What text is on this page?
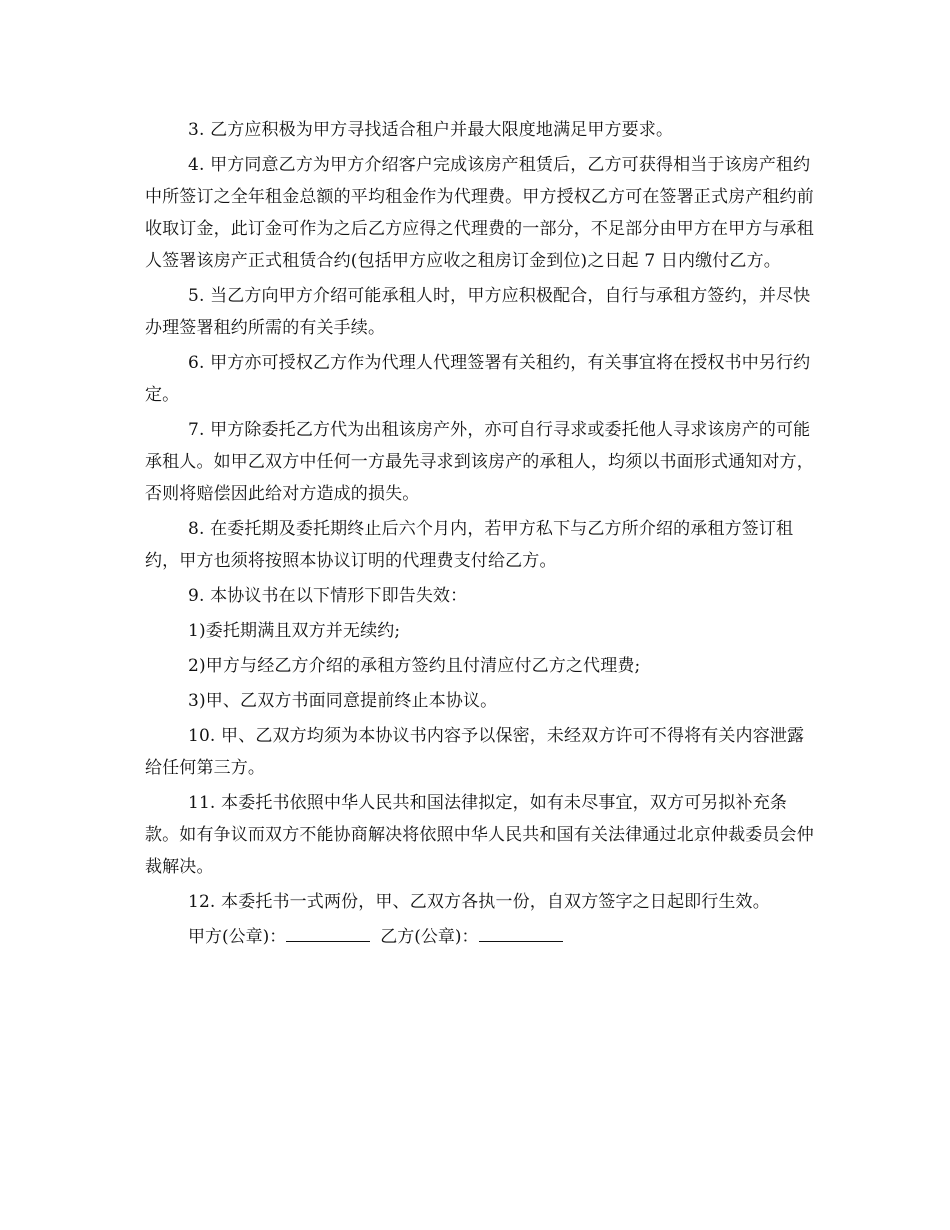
3. 乙方应积极为甲方寻找适合租户并最大限度地满足甲方要求。

4. 甲方同意乙方为甲方介绍客户完成该房产租赁后，乙方可获得相当于该房产租约中所签订之全年租金总额的平均租金作为代理费。甲方授权乙方可在签署正式房产租约前收取订金，此订金可作为之后乙方应得之代理费的一部分，不足部分由甲方在甲方与承租人签署该房产正式租赁合约(包括甲方应收之租房订金到位)之日起 7 日内缴付乙方。

5. 当乙方向甲方介绍可能承租人时，甲方应积极配合，自行与承租方签约，并尽快办理签署租约所需的有关手续。

6. 甲方亦可授权乙方作为代理人代理签署有关租约，有关事宜将在授权书中另行约定。

7. 甲方除委托乙方代为出租该房产外，亦可自行寻求或委托他人寻求该房产的可能承租人。如甲乙双方中任何一方最先寻求到该房产的承租人，均须以书面形式通知对方，否则将赔偿因此给对方造成的损失。

8. 在委托期及委托期终止后六个月内，若甲方私下与乙方所介绍的承租方签订租约，甲方也须将按照本协议订明的代理费支付给乙方。

9. 本协议书在以下情形下即告失效：

1)委托期满且双方并无续约;

2)甲方与经乙方介绍的承租方签约且付清应付乙方之代理费;

3)甲、乙双方书面同意提前终止本协议。

10. 甲、乙双方均须为本协议书内容予以保密，未经双方许可不得将有关内容泄露给任何第三方。

11. 本委托书依照中华人民共和国法律拟定，如有未尽事宜，双方可另拟补充条款。如有争议而双方不能协商解决将依照中华人民共和国有关法律通过北京仲裁委员会仲裁解决。

12. 本委托书一式两份，甲、乙双方各执一份，自双方签字之日起即行生效。

甲方(公章)：	乙方(公章)：
